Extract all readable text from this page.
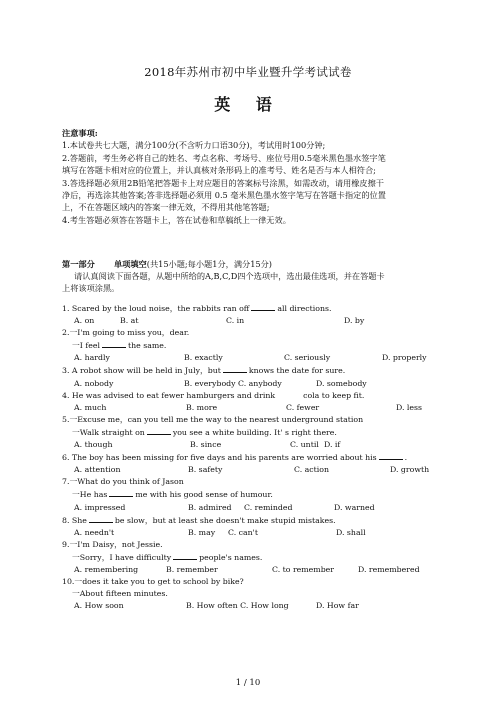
2018年苏州市初中毕业暨升学考试试卷
英 语
注意事项:
1.本试卷共七大题，满分100分(不含听力口语30分)，考试用时100分钟;
2.答题前，考生务必将自己的姓名、考点名称、考场号、座位号用0.5毫米黑色墨水签字笔
填写在答题卡相对应的位置上，并认真核对条形码上的准考号、姓名是否与本人相符合;
3.答选择题必须用2B铅笔把答题卡上对应题目的答案标号涂黑，如需改动，请用橡皮擦干
净后，再选涂其他答案;答非选择题必须用 0.5 毫米黑色墨水签字笔写在答题卡指定的位置
上，不在答题区域内的答案一律无效，不得用其他笔答题;
4.考生答题必须答在答题卡上，答在试卷和草稿纸上一律无效。
第一部分 单项填空(共15小题;每小题1分，满分15分)
请认真阅读下面各题，从题中所给的A,B,C,D四个选项中，选出最佳选项，并在答题卡
上将该项涂黑。
1. Scared by the loud noise，the rabbits ran off	all directions.
A. on	B. at	C. in	D. by
2.一I'm going to miss you，dear.
一I feel	the same.
A. hardly	B. exactly	C. seriously	D. properly
3. A robot show will be held in July，but	knows the date for sure.
A. nobody	B. everybody C. anybody	D. somebody
4. He was advised to eat fewer hamburgers and drink	cola to keep fit.
A. much	B. more	C. fewer	D. less
5.一Excuse me，can you tell me the way to the nearest underground station
一Walk straight on	you see a white building. It' s right there.
A. though	B. since	C. until D. if
6. The boy has been missing for five days and his parents are worried about his	.
A. attention	B. safety	C. action	D. growth
7.一What do you think of Jason
一He has	me with his good sense of humour.
A. impressed	B. admired	C. reminded	D. warned
8. She	be slow，but at least she doesn't make stupid mistakes.
A. needn't	B. may	C. can't	D. shall
9.一I'm Daisy，not Jessie.
一Sorry，I have difficulty	people's names.
A. remembering	B. remember	C. to remember	D. remembered
10.一does it take you to get to school by bike?
一About fifteen minutes.
A. How soon	B. How often C. How long	D. How far
1 / 10
